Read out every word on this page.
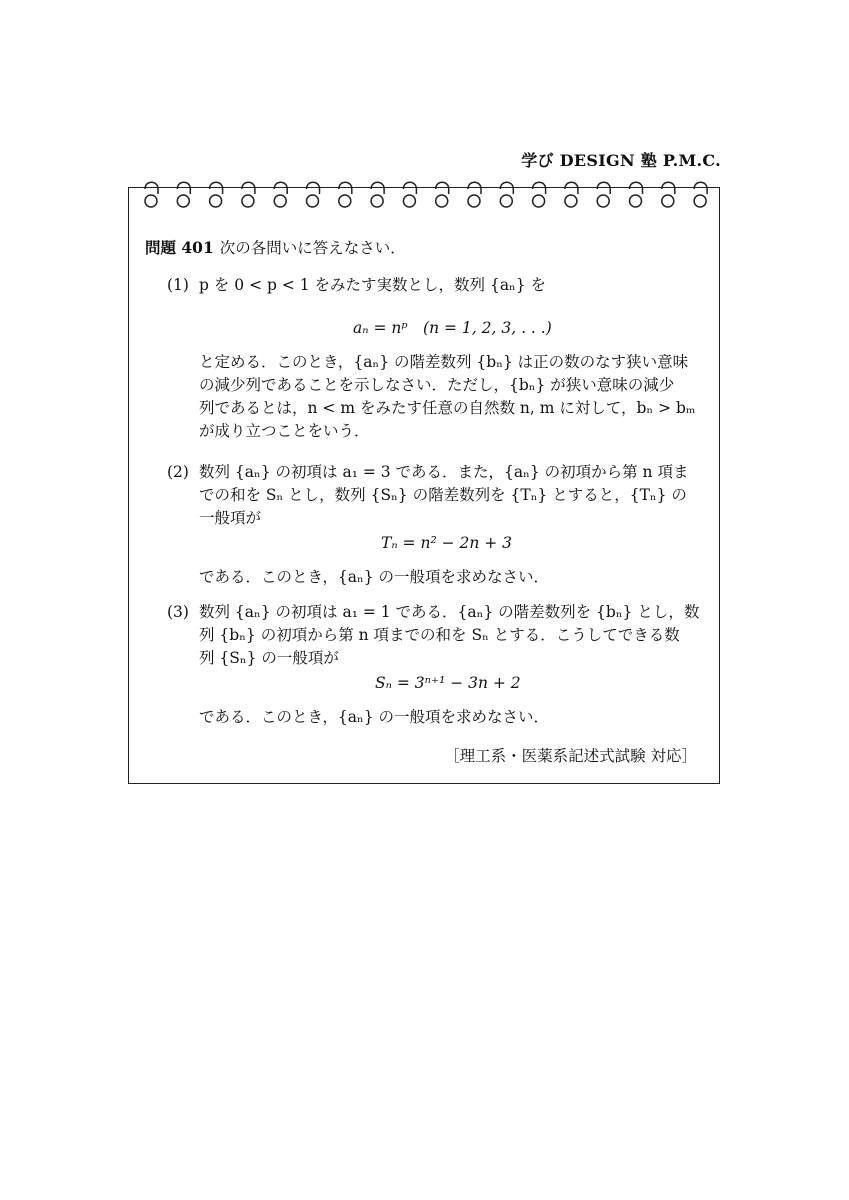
学び DESIGN 塾 P.M.C.
問題 401 次の各問いに答えなさい．
(1) p を 0 < p < 1 をみたす実数とし，数列 {aₙ} を
aₙ = nᵖ　(n = 1, 2, 3, . . .)
と定める．このとき，{aₙ} の階差数列 {bₙ} は正の数のなす狭い意味
の減少列であることを示しなさい．ただし，{bₙ} が狭い意味の減少
列であるとは，n < m をみたす任意の自然数 n, m に対して，bₙ > bₘ
が成り立つことをいう．
(2) 数列 {aₙ} の初項は a₁ = 3 である．また，{aₙ} の初項から第 n 項ま
での和を Sₙ とし，数列 {Sₙ} の階差数列を {Tₙ} とすると，{Tₙ} の
一般項が
Tₙ = n² − 2n + 3
である．このとき，{aₙ} の一般項を求めなさい．
(3) 数列 {aₙ} の初項は a₁ = 1 である．{aₙ} の階差数列を {bₙ} とし，数
列 {bₙ} の初項から第 n 項までの和を Sₙ とする．こうしてできる数
列 {Sₙ} の一般項が
Sₙ = 3ⁿ⁺¹ − 3n + 2
である．このとき，{aₙ} の一般項を求めなさい．
［理工系・医薬系記述式試験 対応］
